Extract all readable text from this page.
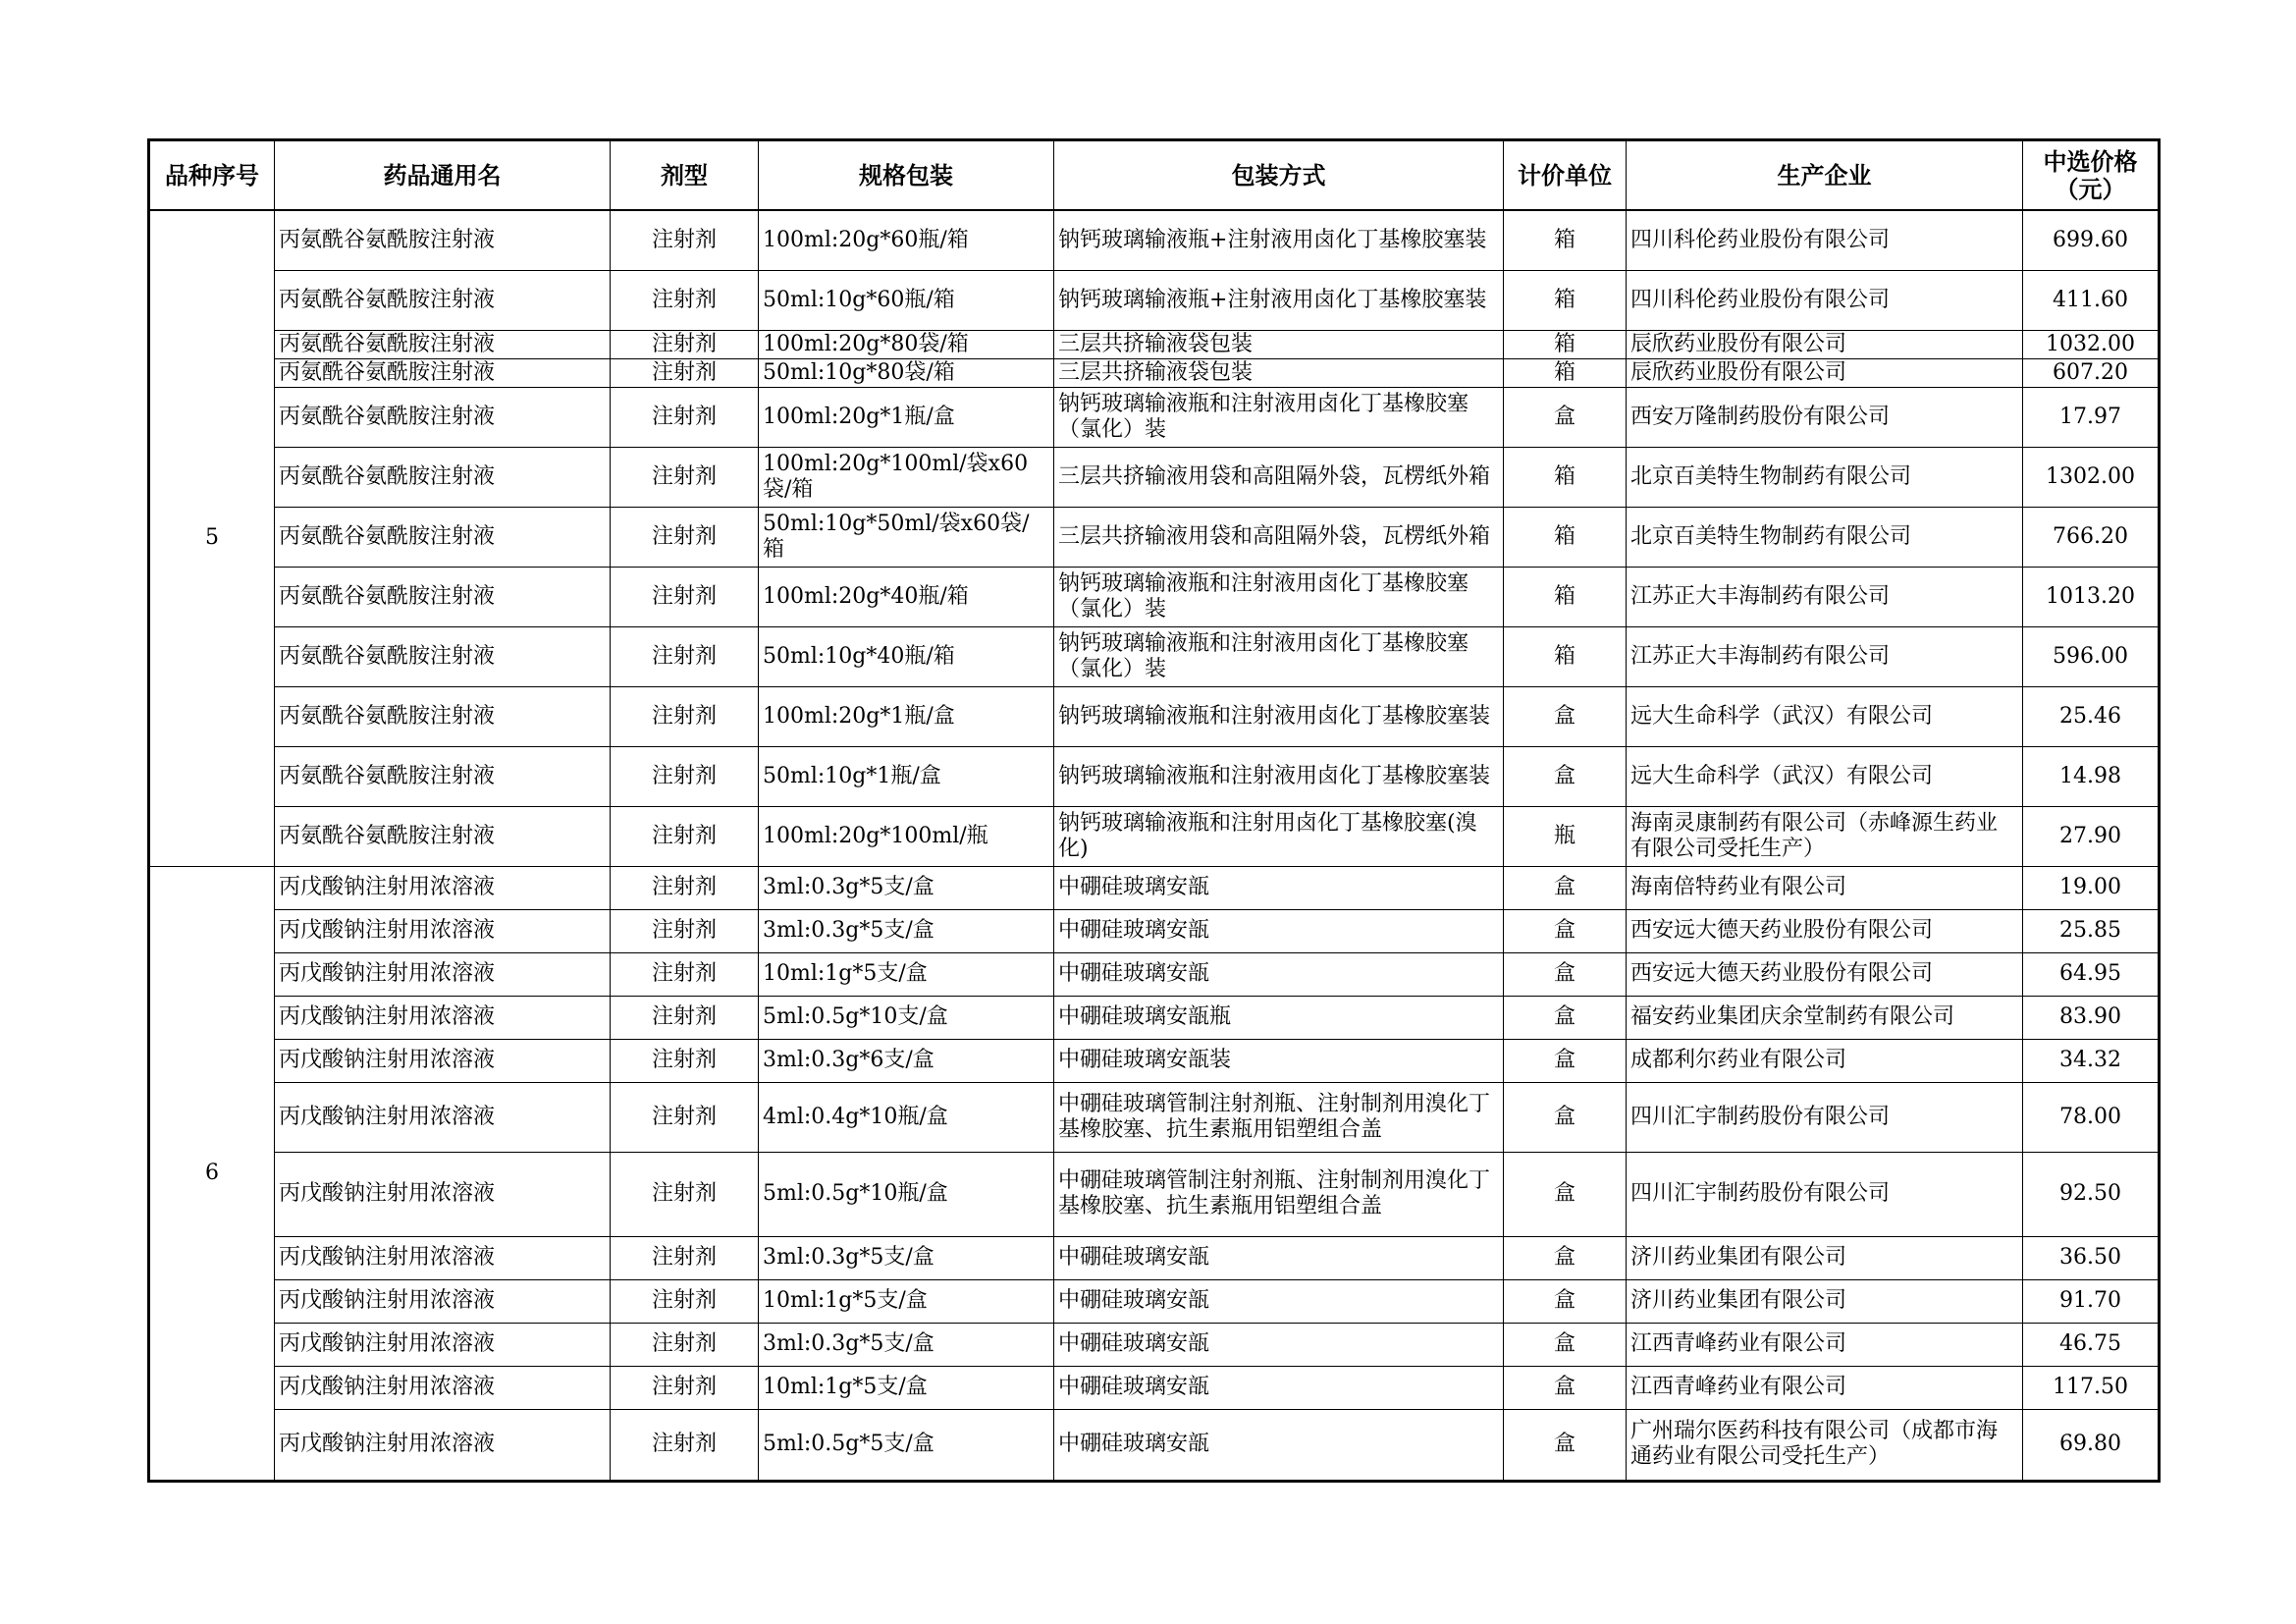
品种序号	药品通用名	剂型	规格包装	包装方式	计价单位	生产企业	中选价格（元）
5	丙氨酰谷氨酰胺注射液	注射剂	100ml:20g*60瓶/箱	钠钙玻璃输液瓶+注射液用卤化丁基橡胶塞装	箱	四川科伦药业股份有限公司	699.60
	丙氨酰谷氨酰胺注射液	注射剂	50ml:10g*60瓶/箱	钠钙玻璃输液瓶+注射液用卤化丁基橡胶塞装	箱	四川科伦药业股份有限公司	411.60
	丙氨酰谷氨酰胺注射液	注射剂	100ml:20g*80袋/箱	三层共挤输液袋包装	箱	辰欣药业股份有限公司	1032.00
	丙氨酰谷氨酰胺注射液	注射剂	50ml:10g*80袋/箱	三层共挤输液袋包装	箱	辰欣药业股份有限公司	607.20
	丙氨酰谷氨酰胺注射液	注射剂	100ml:20g*1瓶/盒	钠钙玻璃输液瓶和注射液用卤化丁基橡胶塞（氯化）装	盒	西安万隆制药股份有限公司	17.97
	丙氨酰谷氨酰胺注射液	注射剂	100ml:20g*100ml/袋x60袋/箱	三层共挤输液用袋和高阻隔外袋，瓦楞纸外箱	箱	北京百美特生物制药有限公司	1302.00
	丙氨酰谷氨酰胺注射液	注射剂	50ml:10g*50ml/袋x60袋/箱	三层共挤输液用袋和高阻隔外袋，瓦楞纸外箱	箱	北京百美特生物制药有限公司	766.20
	丙氨酰谷氨酰胺注射液	注射剂	100ml:20g*40瓶/箱	钠钙玻璃输液瓶和注射液用卤化丁基橡胶塞（氯化）装	箱	江苏正大丰海制药有限公司	1013.20
	丙氨酰谷氨酰胺注射液	注射剂	50ml:10g*40瓶/箱	钠钙玻璃输液瓶和注射液用卤化丁基橡胶塞（氯化）装	箱	江苏正大丰海制药有限公司	596.00
	丙氨酰谷氨酰胺注射液	注射剂	100ml:20g*1瓶/盒	钠钙玻璃输液瓶和注射液用卤化丁基橡胶塞装	盒	远大生命科学（武汉）有限公司	25.46
	丙氨酰谷氨酰胺注射液	注射剂	50ml:10g*1瓶/盒	钠钙玻璃输液瓶和注射液用卤化丁基橡胶塞装	盒	远大生命科学（武汉）有限公司	14.98
	丙氨酰谷氨酰胺注射液	注射剂	100ml:20g*100ml/瓶	钠钙玻璃输液瓶和注射用卤化丁基橡胶塞(溴化)	瓶	海南灵康制药有限公司（赤峰源生药业有限公司受托生产）	27.90
6	丙戊酸钠注射用浓溶液	注射剂	3ml:0.3g*5支/盒	中硼硅玻璃安瓿	盒	海南倍特药业有限公司	19.00
	丙戊酸钠注射用浓溶液	注射剂	3ml:0.3g*5支/盒	中硼硅玻璃安瓿	盒	西安远大德天药业股份有限公司	25.85
	丙戊酸钠注射用浓溶液	注射剂	10ml:1g*5支/盒	中硼硅玻璃安瓿	盒	西安远大德天药业股份有限公司	64.95
	丙戊酸钠注射用浓溶液	注射剂	5ml:0.5g*10支/盒	中硼硅玻璃安瓿瓶	盒	福安药业集团庆余堂制药有限公司	83.90
	丙戊酸钠注射用浓溶液	注射剂	3ml:0.3g*6支/盒	中硼硅玻璃安瓿装	盒	成都利尔药业有限公司	34.32
	丙戊酸钠注射用浓溶液	注射剂	4ml:0.4g*10瓶/盒	中硼硅玻璃管制注射剂瓶、注射制剂用溴化丁基橡胶塞、抗生素瓶用铝塑组合盖	盒	四川汇宇制药股份有限公司	78.00
	丙戊酸钠注射用浓溶液	注射剂	5ml:0.5g*10瓶/盒	中硼硅玻璃管制注射剂瓶、注射制剂用溴化丁基橡胶塞、抗生素瓶用铝塑组合盖	盒	四川汇宇制药股份有限公司	92.50
	丙戊酸钠注射用浓溶液	注射剂	3ml:0.3g*5支/盒	中硼硅玻璃安瓿	盒	济川药业集团有限公司	36.50
	丙戊酸钠注射用浓溶液	注射剂	10ml:1g*5支/盒	中硼硅玻璃安瓿	盒	济川药业集团有限公司	91.70
	丙戊酸钠注射用浓溶液	注射剂	3ml:0.3g*5支/盒	中硼硅玻璃安瓿	盒	江西青峰药业有限公司	46.75
	丙戊酸钠注射用浓溶液	注射剂	10ml:1g*5支/盒	中硼硅玻璃安瓿	盒	江西青峰药业有限公司	117.50
	丙戊酸钠注射用浓溶液	注射剂	5ml:0.5g*5支/盒	中硼硅玻璃安瓿	盒	广州瑞尔医药科技有限公司（成都市海通药业有限公司受托生产）	69.80
